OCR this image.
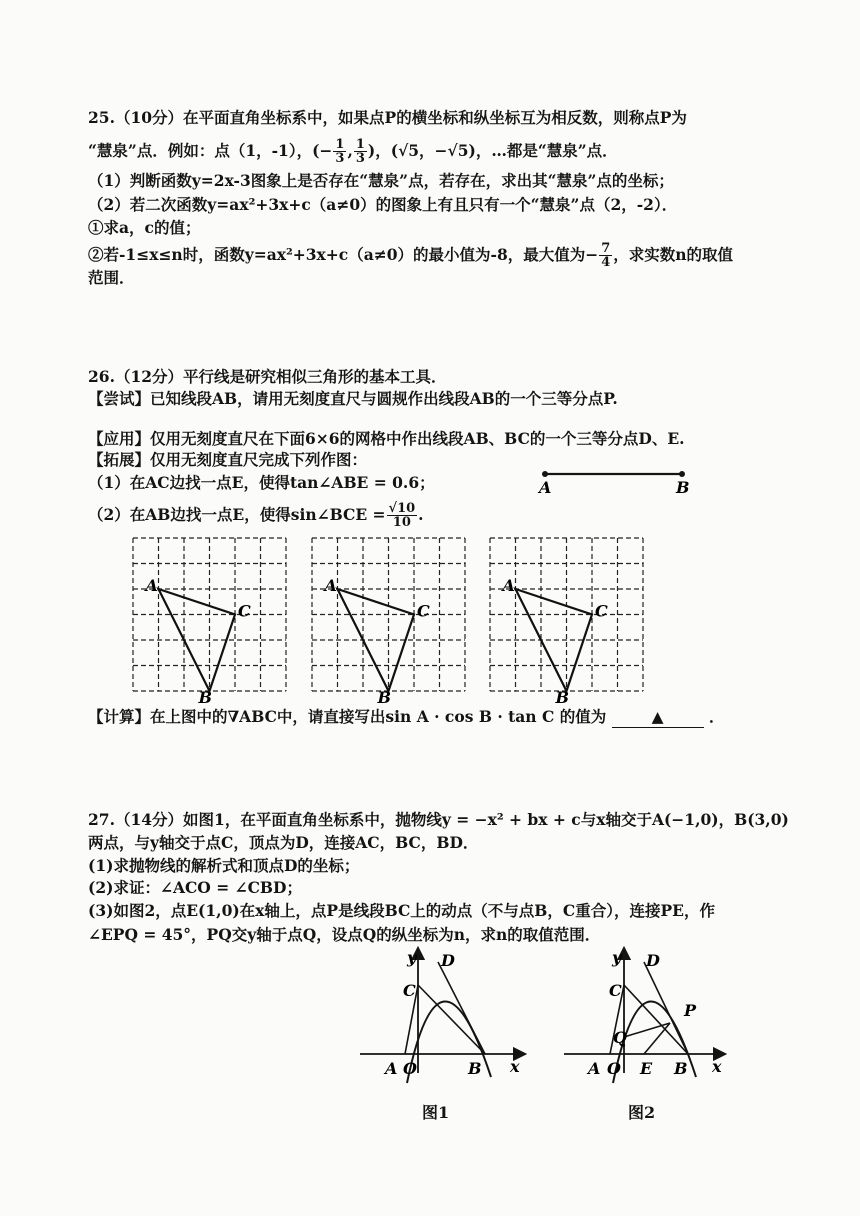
25.（10分）在平面直角坐标系中，如果点P的横坐标和纵坐标互为相反数，则称点P为
“慧泉”点．例如：点（1，-1），(− $\frac{1}{3}$ , $\frac{1}{3}$ )，(√5，−√5)，…都是“慧泉”点．
（1）判断函数y=2x-3图象上是否存在“慧泉”点，若存在，求出其“慧泉”点的坐标；
（2）若二次函数y=ax²+3x+c（a≠0）的图象上有且只有一个“慧泉”点（2，-2）．
①求a，c的值；
②若-1≤x≤n时，函数y=ax²+3x+c（a≠0）的最小值为-8，最大值为− $\frac{7}{4}$ ，求实数n的取值
范围．
26.（12分）平行线是研究相似三角形的基本工具．
【尝试】已知线段AB，请用无刻度直尺与圆规作出线段AB的一个三等分点P.
【应用】仅用无刻度直尺在下面6×6的网格中作出线段AB、BC的一个三等分点D、E.
【拓展】仅用无刻度直尺完成下列作图：
（1）在AC边找一点E，使得tan∠ABE = 0.6；
（2）在AB边找一点E，使得sin∠BCE = $\frac{√10}{10}$ .
A	B
A
C
B
A
C
B
A
C
B
【计算】在上图中的∇ABC中，请直接写出sin A · cos B · tan C 的值为	▲	．
27.（14分）如图1，在平面直角坐标系中，抛物线y = −x² + bx + c与x轴交于A(−1,0)，B(3,0)
两点，与y轴交于点C，顶点为D，连接AC，BC，BD．
(1)求抛物线的解析式和顶点D的坐标；
(2)求证：∠ACO = ∠CBD；
(3)如图2，点E(1,0)在x轴上，点P是线段BC上的动点（不与点B，C重合），连接PE，作
∠EPQ = 45°，PQ交y轴于点Q，设点Q的纵坐标为n，求n的取值范围．
y D
C
A O	B x
图1
y D
C
P
Q
A O E B x
图2
